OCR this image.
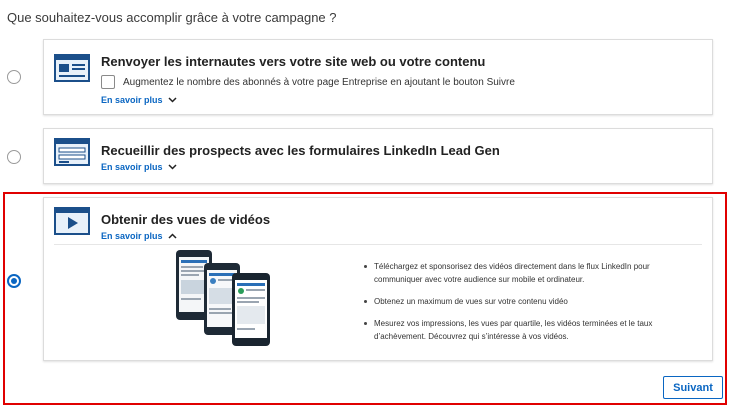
Que souhaitez-vous accomplir grâce à votre campagne ?
Renvoyer les internautes vers votre site web ou votre contenu
Augmentez le nombre des abonnés à votre page Entreprise en ajoutant le bouton Suivre
En savoir plus
Recueillir des prospects avec les formulaires LinkedIn Lead Gen
En savoir plus
Obtenir des vues de vidéos
En savoir plus
Téléchargez et sponsorisez des vidéos directement dans le flux LinkedIn pour communiquer avec votre audience sur mobile et ordinateur.
Obtenez un maximum de vues sur votre contenu vidéo
Mesurez vos impressions, les vues par quartile, les vidéos terminées et le taux d’achèvement. Découvrez qui s’intéresse à vos vidéos.
Suivant
